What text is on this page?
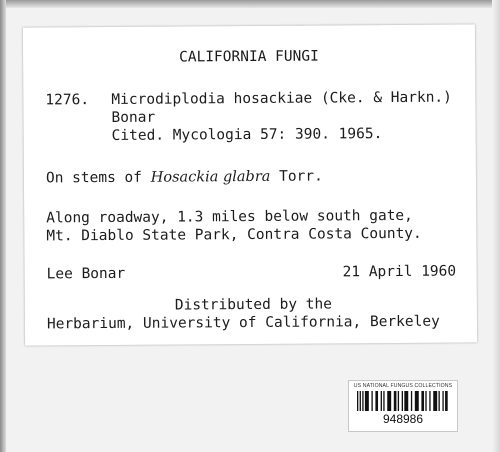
CALIFORNIA FUNGI
1276. Microdiplodia hosackiae (Cke. & Harkn.)
Bonar
Cited. Mycologia 57: 390. 1965.
On stems of Hosackia glabra Torr.
Along roadway, 1.3 miles below south gate,
Mt. Diablo State Park, Contra Costa County.
Lee Bonar	21 April 1960
Distributed by the
Herbarium, University of California, Berkeley
US NATIONAL FUNGUS COLLECTIONS
948986
